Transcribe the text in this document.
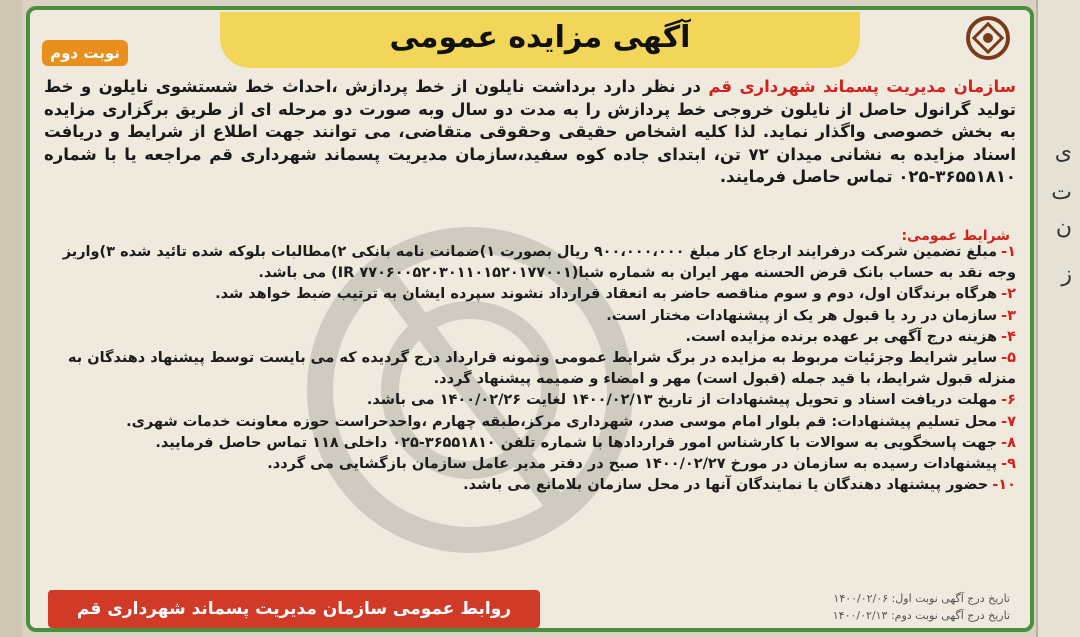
ی
ت
ن
ز
آگهی مزایده عمومی
نوبت دوم
سازمان مدیریت پسماند شهرداری قم در نظر دارد برداشت نایلون از خط پردازش ،احداث خط شستشوی نایلون و خط تولید گرانول حاصل از نایلون خروجی خط پردازش را به مدت دو سال وبه صورت دو مرحله ای از طریق برگزاری مزایده به بخش خصوصی واگذار نماید. لذا کلیه اشخاص حقیقی وحقوقی متقاضی، می توانند جهت اطلاع از شرایط و دریافت اسناد مزایده به نشانی میدان ۷۲ تن، ابتدای جاده کوه سفید،سازمان مدیریت پسماند شهرداری قم مراجعه یا با شماره ۳۶۵۵۱۸۱۰-۰۲۵ تماس حاصل فرمایند.
شرایط عمومی:
۱-مبلغ تضمین شرکت درفرایند ارجاع کار مبلغ ۹۰۰،۰۰۰،۰۰۰ ریال بصورت ۱)ضمانت نامه بانکی ۲)مطالبات بلوکه شده تائید شده ۳)واریز وجه نقد به حساب بانک قرض الحسنه مهر ایران به شماره شبا(IR ۷۷۰۶۰۰۵۲۰۳۰۱۱۰۱۵۲۰۱۷۷۰۰۱) می باشد.
۲-هرگاه برندگان اول، دوم و سوم مناقصه حاضر به انعقاد قرارداد نشوند سپرده ایشان به ترتیب ضبط خواهد شد.
۳-سازمان در رد یا قبول هر یک از پیشنهادات مختار است.
۴-هزینه درج آگهی بر عهده برنده مزایده است.
۵-سایر شرایط وجزئیات مربوط به مزایده در برگ شرایط عمومی ونمونه قرارداد درج گردیده که می بایست توسط پیشنهاد دهندگان به منزله قبول شرایط، با قید جمله (قبول است) مهر و امضاء و ضمیمه پیشنهاد گردد.
۶-مهلت دریافت اسناد و تحویل پیشنهادات از تاریخ ۱۴۰۰/۰۲/۱۳ لغایت ۱۴۰۰/۰۲/۲۶ می باشد.
۷-محل تسلیم پیشنهادات: قم بلوار امام موسی صدر، شهرداری مرکز،طبقه چهارم ،واحدحراست حوزه معاونت خدمات شهری.
۸-جهت پاسخگویی به سوالات با کارشناس امور قراردادها با شماره تلفن ۳۶۵۵۱۸۱۰-۰۲۵ داخلی ۱۱۸ تماس حاصل فرمایید.
۹-پیشنهادات رسیده به سازمان در مورخ ۱۴۰۰/۰۲/۲۷ صبح در دفتر مدیر عامل سازمان بازگشایی می گردد.
۱۰-حضور پیشنهاد دهندگان یا نمایندگان آنها در محل سازمان بلامانع می باشد.
روابط عمومی سازمان مدیریت پسماند شهرداری قم
تاریخ درج آگهی نوبت اول: ۱۴۰۰/۰۲/۰۶
تاریخ درج آگهی نوبت دوم: ۱۴۰۰/۰۲/۱۳
